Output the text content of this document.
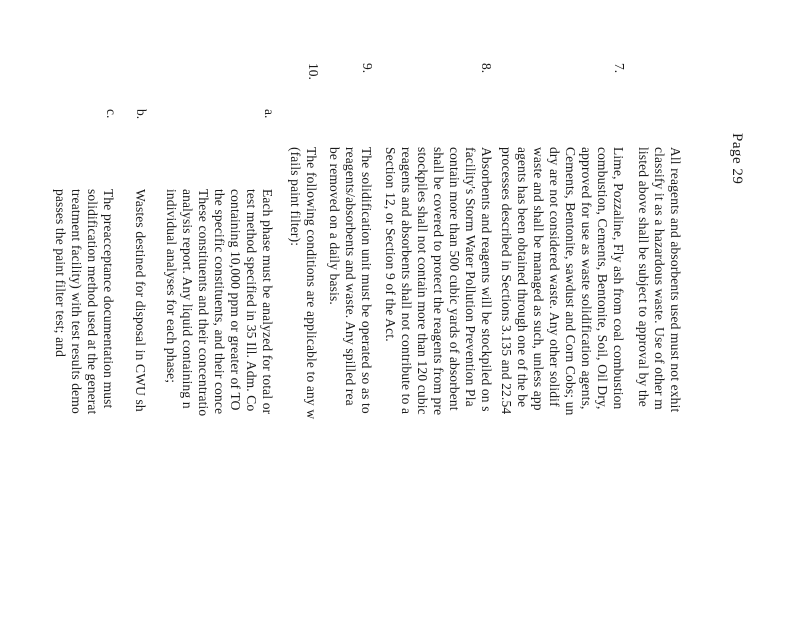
Page 29
All reagents and absorbents used must not exhit
classify it as a hazardous waste. Use of other m
listed above shall be subject to approval by the
7.
Lime, Pozzaline, Fly ash from coal combustion
combustion, Cements, Bentonite, Soil, Oil Dry,
approved for use as waste solidification agents,
Cements, Bentonite, sawdust and Corn Cobs; un
dry are not considered waste. Any other solidif
waste and shall be managed as such, unless app
agents has been obtained through one of the be
processes described in Sections 3.135 and 22.54
8.
Absorbents and reagents will be stockpiled on s
facility's Storm Water Pollution Prevention Pla
contain more than 500 cubic yards of absorbent
shall be covered to protect the reagents from pre
stockpiles shall not contain more than 120 cubic
reagents and absorbents shall not contribute to a
Section 12, or Section 9 of the Act.
9.
The solidification unit must be operated so as to
reagents/absorbents and waste. Any spilled rea
be removed on a daily basis.
10.
The following conditions are applicable to any w
(fails paint filter):
a.
Each phase must be analyzed for total or
test method specified in 35 Ill. Adm. Co
containing 10,000 ppm or greater of TO
the specific constituents, and their conce
These constituents and their concentratio
analysis report. Any liquid containing n
individual analyses for each phase;
b.
Wastes destined for disposal in CWU sh
c.
The preacceptance documentation must
solidification method used at the generat
treatment facility) with test results demo
passes the paint filter test; and
